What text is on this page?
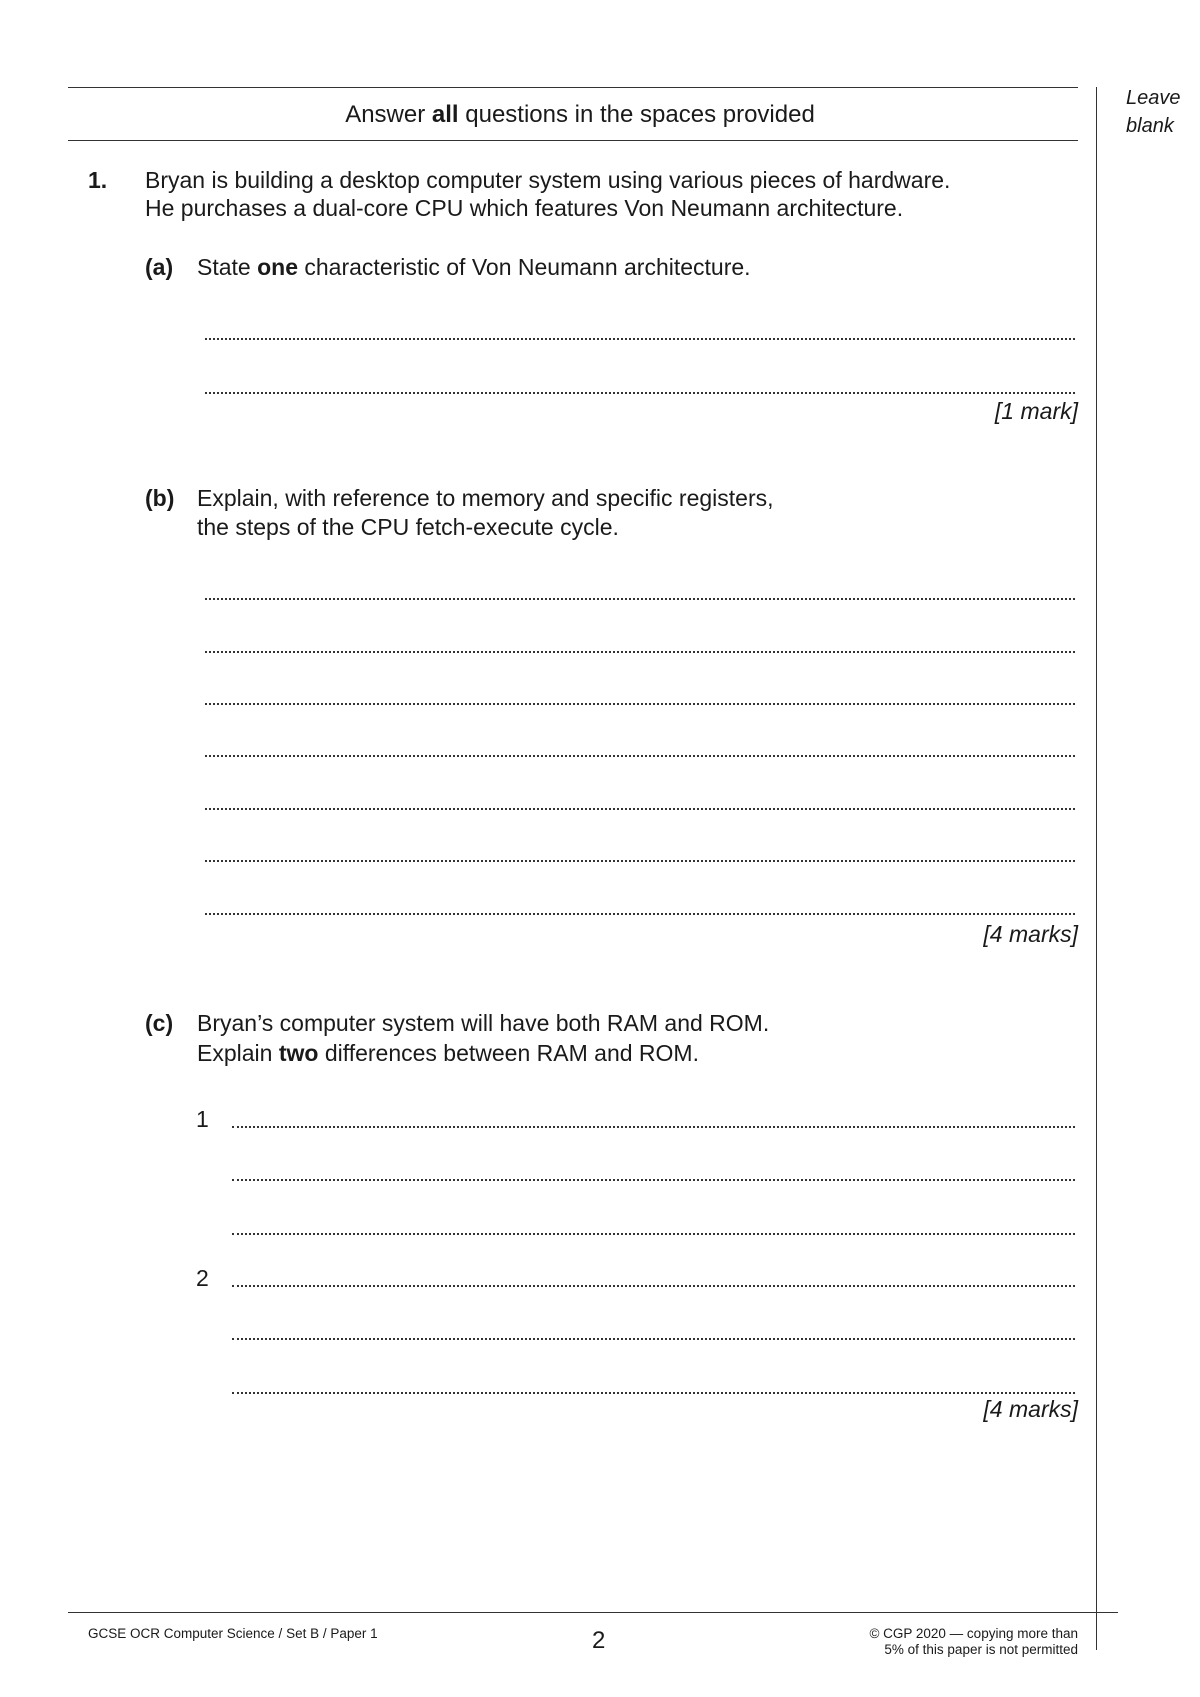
Leave
blank
Answer all questions in the spaces provided
1. Bryan is building a desktop computer system using various pieces of hardware.
He purchases a dual-core CPU which features Von Neumann architecture.
(a) State one characteristic of Von Neumann architecture.
[1 mark]
(b) Explain, with reference to memory and specific registers,
the steps of the CPU fetch-execute cycle.
[4 marks]
(c) Bryan’s computer system will have both RAM and ROM.
Explain two differences between RAM and ROM.
1
2
[4 marks]
GCSE OCR Computer Science / Set B / Paper 1	2	© CGP 2020 — copying more than
5% of this paper is not permitted
